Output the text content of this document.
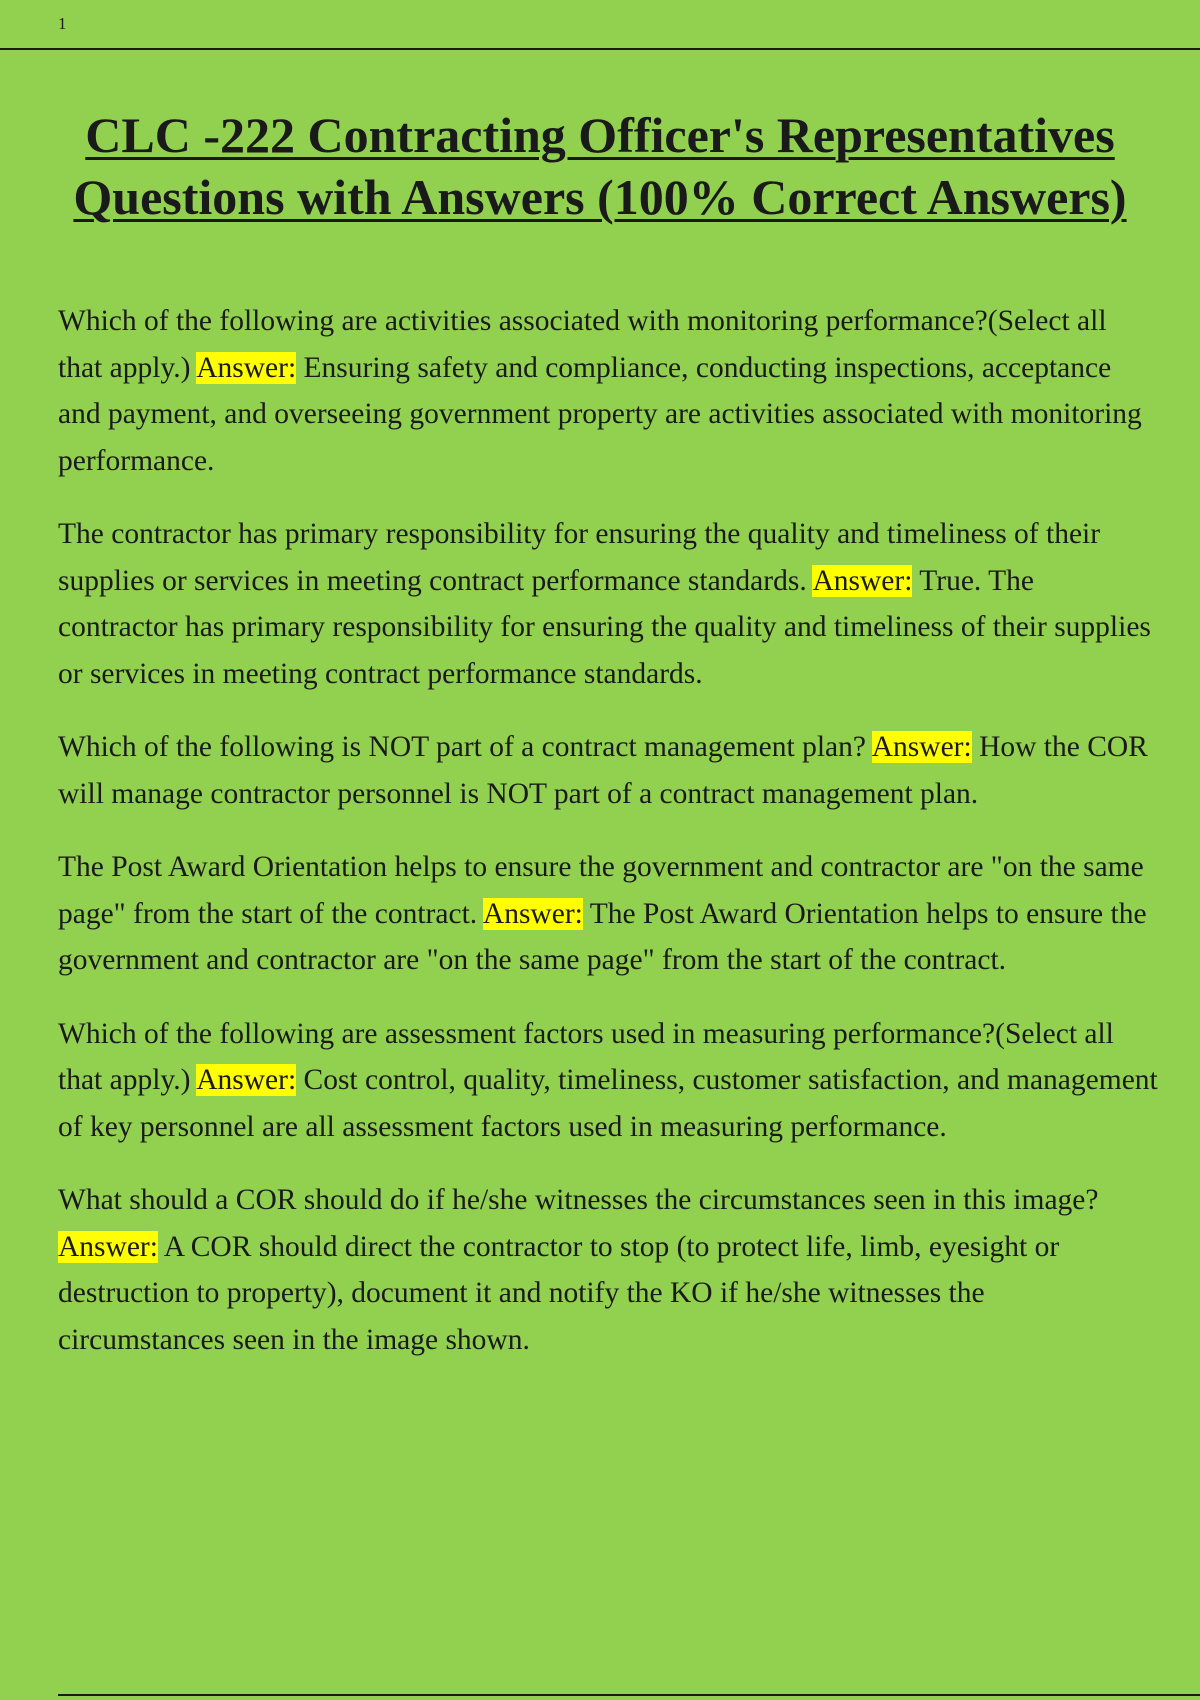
1
CLC -222 Contracting Officer's Representatives Questions with Answers (100% Correct Answers)

Which of the following are activities associated with monitoring performance?(Select all that apply.) Answer: Ensuring safety and compliance, conducting inspections, acceptance and payment, and overseeing government property are activities associated with monitoring performance.

The contractor has primary responsibility for ensuring the quality and timeliness of their supplies or services in meeting contract performance standards. Answer: True. The contractor has primary responsibility for ensuring the quality and timeliness of their supplies or services in meeting contract performance standards.

Which of the following is NOT part of a contract management plan? Answer: How the COR will manage contractor personnel is NOT part of a contract management plan.

The Post Award Orientation helps to ensure the government and contractor are "on the same page" from the start of the contract. Answer: The Post Award Orientation helps to ensure the government and contractor are "on the same page" from the start of the contract.

Which of the following are assessment factors used in measuring performance?(Select all that apply.) Answer: Cost control, quality, timeliness, customer satisfaction, and management of key personnel are all assessment factors used in measuring performance.

What should a COR should do if he/she witnesses the circumstances seen in this image? Answer: A COR should direct the contractor to stop (to protect life, limb, eyesight or destruction to property), document it and notify the KO if he/she witnesses the circumstances seen in the image shown.
